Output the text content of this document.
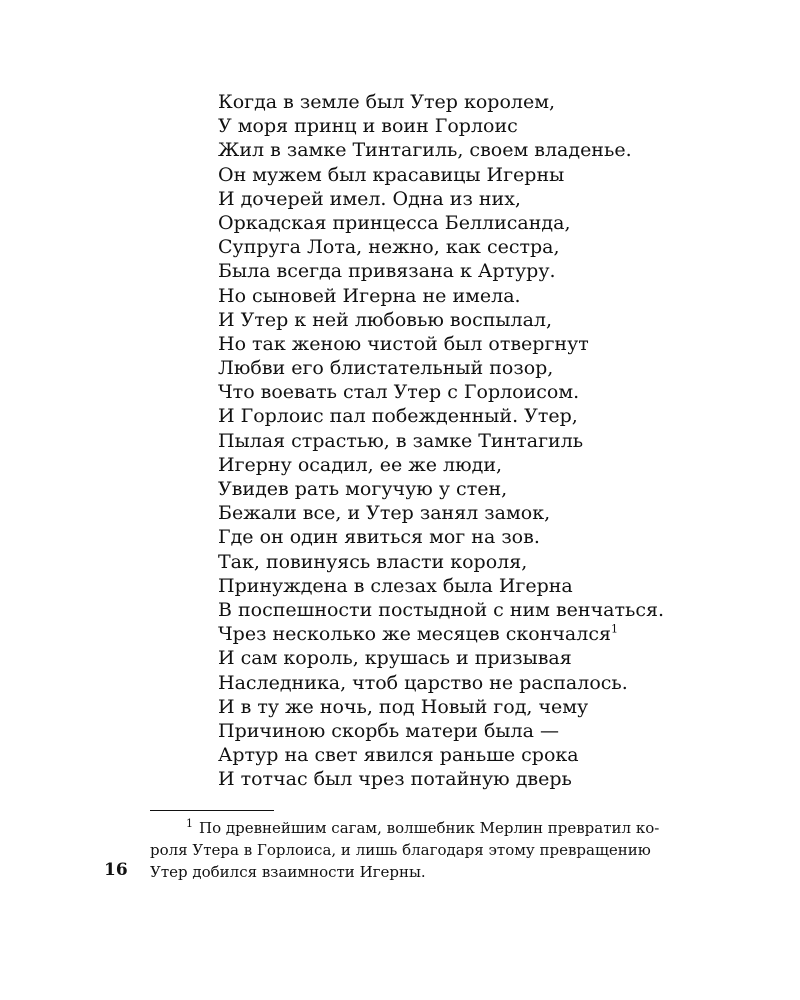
Когда в земле был Утер королем,
У моря принц и воин Горлоис
Жил в замке Тинтагиль, своем владенье.
Он мужем был красавицы Игерны
И дочерей имел. Одна из них,
Оркадская принцесса Беллисанда,
Супруга Лота, нежно, как сестра,
Была всегда привязана к Артуру.
Но сыновей Игерна не имела.
И Утер к ней любовью воспылал,
Но так женою чистой был отвергнут
Любви его блистательный позор,
Что воевать стал Утер с Горлоисом.
И Горлоис пал побежденный. Утер,
Пылая страстью, в замке Тинтагиль
Игерну осадил, ее же люди,
Увидев рать могучую у стен,
Бежали все, и Утер занял замок,
Где он один явиться мог на зов.
Так, повинуясь власти короля,
Принуждена в слезах была Игерна
В поспешности постыдной с ним венчаться.
Чрез несколько же месяцев скончался$^1$
И сам король, крушась и призывая
Наследника, чтоб царство не распалось.
И в ту же ночь, под Новый год, чему
Причиною скорбь матери была —
Артур на свет явился раньше срока
И тотчас был чрез потайную дверь
$^1$ По древнейшим сагам, волшебник Мерлин превратил ко-
роля Утера в Горлоиса, и лишь благодаря этому превращению
Утер добился взаимности Игерны.
16
